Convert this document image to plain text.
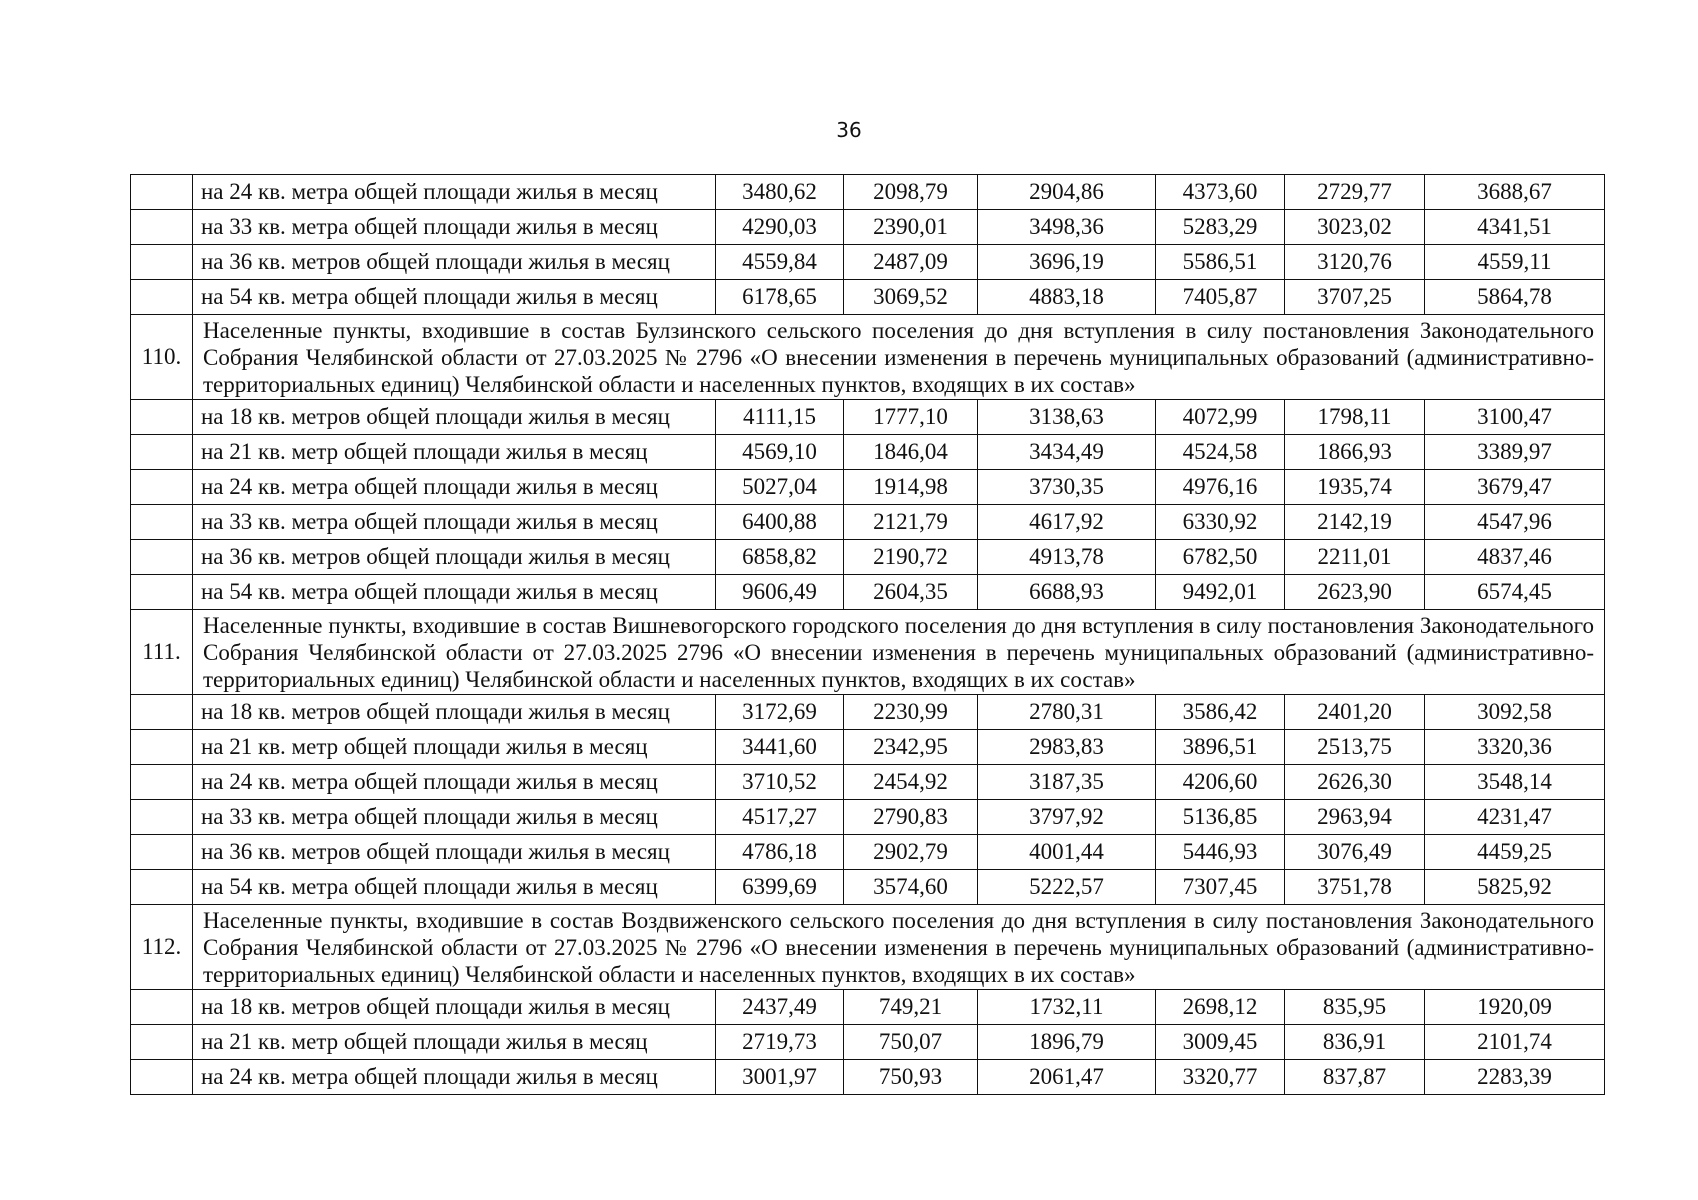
36
	на 24 кв. метра общей площади жилья в месяц	3480,62	2098,79	2904,86	4373,60	2729,77	3688,67
	на 33 кв. метра общей площади жилья в месяц	4290,03	2390,01	3498,36	5283,29	3023,02	4341,51
	на 36 кв. метров общей площади жилья в месяц	4559,84	2487,09	3696,19	5586,51	3120,76	4559,11
	на 54 кв. метра общей площади жилья в месяц	6178,65	3069,52	4883,18	7405,87	3707,25	5864,78
110.	Населенные пункты, входившие в состав Булзинского сельского поселения до дня вступления в силу постановления Законодательного Собрания Челябинской области от 27.03.2025 № 2796 «О внесении изменения в перечень муниципальных образований (административно-территориальных единиц) Челябинской области и населенных пунктов, входящих в их состав»						
	на 18 кв. метров общей площади жилья в месяц	4111,15	1777,10	3138,63	4072,99	1798,11	3100,47
	на 21 кв. метр общей площади жилья в месяц	4569,10	1846,04	3434,49	4524,58	1866,93	3389,97
	на 24 кв. метра общей площади жилья в месяц	5027,04	1914,98	3730,35	4976,16	1935,74	3679,47
	на 33 кв. метра общей площади жилья в месяц	6400,88	2121,79	4617,92	6330,92	2142,19	4547,96
	на 36 кв. метров общей площади жилья в месяц	6858,82	2190,72	4913,78	6782,50	2211,01	4837,46
	на 54 кв. метра общей площади жилья в месяц	9606,49	2604,35	6688,93	9492,01	2623,90	6574,45
111.	Населенные пункты, входившие в состав Вишневогорского городского поселения до дня вступления в силу постановления Законодательного Собрания Челябинской области от 27.03.2025 2796 «О внесении изменения в перечень муниципальных образований (административно-территориальных единиц) Челябинской области и населенных пунктов, входящих в их состав»						
	на 18 кв. метров общей площади жилья в месяц	3172,69	2230,99	2780,31	3586,42	2401,20	3092,58
	на 21 кв. метр общей площади жилья в месяц	3441,60	2342,95	2983,83	3896,51	2513,75	3320,36
	на 24 кв. метра общей площади жилья в месяц	3710,52	2454,92	3187,35	4206,60	2626,30	3548,14
	на 33 кв. метра общей площади жилья в месяц	4517,27	2790,83	3797,92	5136,85	2963,94	4231,47
	на 36 кв. метров общей площади жилья в месяц	4786,18	2902,79	4001,44	5446,93	3076,49	4459,25
	на 54 кв. метра общей площади жилья в месяц	6399,69	3574,60	5222,57	7307,45	3751,78	5825,92
112.	Населенные пункты, входившие в состав Воздвиженского сельского поселения до дня вступления в силу постановления Законодательного Собрания Челябинской области от 27.03.2025 № 2796 «О внесении изменения в перечень муниципальных образований (административно-территориальных единиц) Челябинской области и населенных пунктов, входящих в их состав»						
	на 18 кв. метров общей площади жилья в месяц	2437,49	749,21	1732,11	2698,12	835,95	1920,09
	на 21 кв. метр общей площади жилья в месяц	2719,73	750,07	1896,79	3009,45	836,91	2101,74
	на 24 кв. метра общей площади жилья в месяц	3001,97	750,93	2061,47	3320,77	837,87	2283,39
